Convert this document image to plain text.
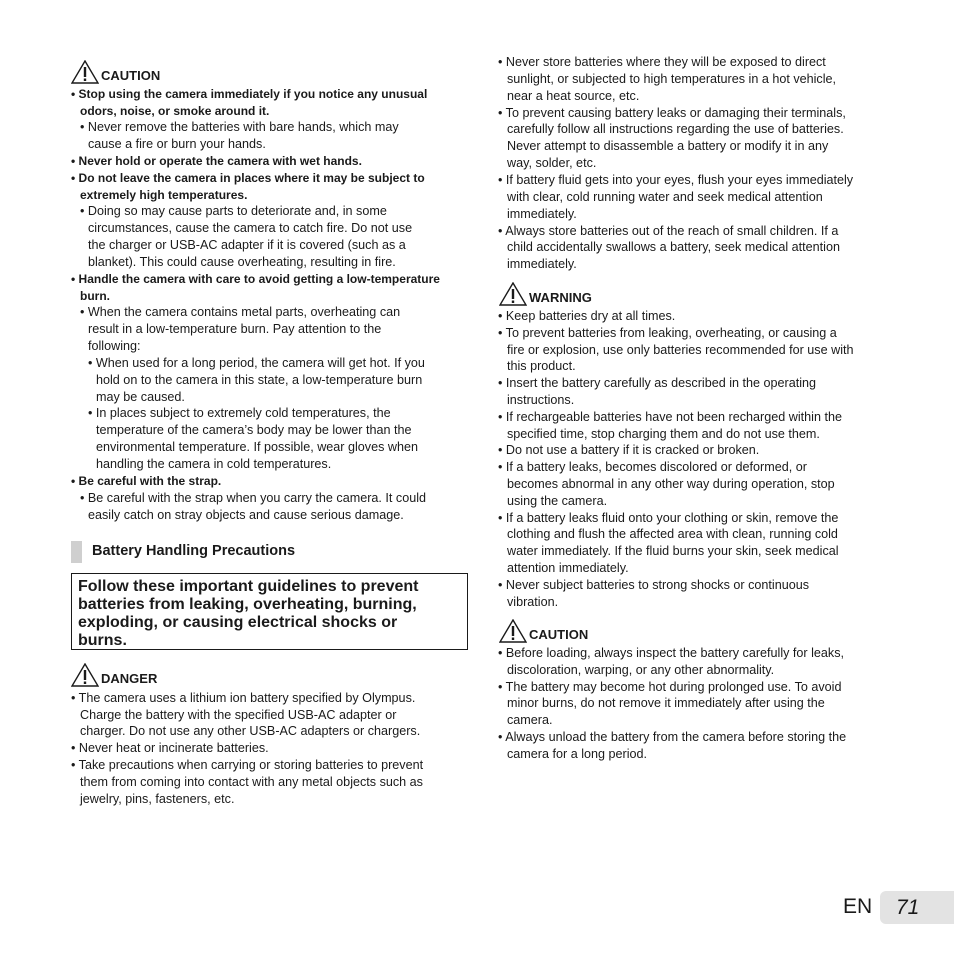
CAUTION
• Stop using the camera immediately if you notice any unusual
odors, noise, or smoke around it.
• Never remove the batteries with bare hands, which may
cause a fire or burn your hands.
• Never hold or operate the camera with wet hands.
• Do not leave the camera in places where it may be subject to
extremely high temperatures.
• Doing so may cause parts to deteriorate and, in some
circumstances, cause the camera to catch fire. Do not use
the charger or USB-AC adapter if it is covered (such as a
blanket). This could cause overheating, resulting in fire.
• Handle the camera with care to avoid getting a low-temperature
burn.
• When the camera contains metal parts, overheating can
result in a low-temperature burn. Pay attention to the
following:
• When used for a long period, the camera will get hot. If you
hold on to the camera in this state, a low-temperature burn
may be caused.
• In places subject to extremely cold temperatures, the
temperature of the camera’s body may be lower than the
environmental temperature. If possible, wear gloves when
handling the camera in cold temperatures.
• Be careful with the strap.
• Be careful with the strap when you carry the camera. It could
easily catch on stray objects and cause serious damage.
Battery Handling Precautions
Follow these important guidelines to prevent
batteries from leaking, overheating, burning,
exploding, or causing electrical shocks or
burns.
DANGER
• The camera uses a lithium ion battery specified by Olympus.
Charge the battery with the specified USB-AC adapter or
charger. Do not use any other USB-AC adapters or chargers.
• Never heat or incinerate batteries.
• Take precautions when carrying or storing batteries to prevent
them from coming into contact with any metal objects such as
jewelry, pins, fasteners, etc.
• Never store batteries where they will be exposed to direct
sunlight, or subjected to high temperatures in a hot vehicle,
near a heat source, etc.
• To prevent causing battery leaks or damaging their terminals,
carefully follow all instructions regarding the use of batteries.
Never attempt to disassemble a battery or modify it in any
way, solder, etc.
• If battery fluid gets into your eyes, flush your eyes immediately
with clear, cold running water and seek medical attention
immediately.
• Always store batteries out of the reach of small children. If a
child accidentally swallows a battery, seek medical attention
immediately.
WARNING
• Keep batteries dry at all times.
• To prevent batteries from leaking, overheating, or causing a
fire or explosion, use only batteries recommended for use with
this product.
• Insert the battery carefully as described in the operating
instructions.
• If rechargeable batteries have not been recharged within the
specified time, stop charging them and do not use them.
• Do not use a battery if it is cracked or broken.
• If a battery leaks, becomes discolored or deformed, or
becomes abnormal in any other way during operation, stop
using the camera.
• If a battery leaks fluid onto your clothing or skin, remove the
clothing and flush the affected area with clean, running cold
water immediately. If the fluid burns your skin, seek medical
attention immediately.
• Never subject batteries to strong shocks or continuous
vibration.
CAUTION
• Before loading, always inspect the battery carefully for leaks,
discoloration, warping, or any other abnormality.
• The battery may become hot during prolonged use. To avoid
minor burns, do not remove it immediately after using the
camera.
• Always unload the battery from the camera before storing the
camera for a long period.
EN 71
